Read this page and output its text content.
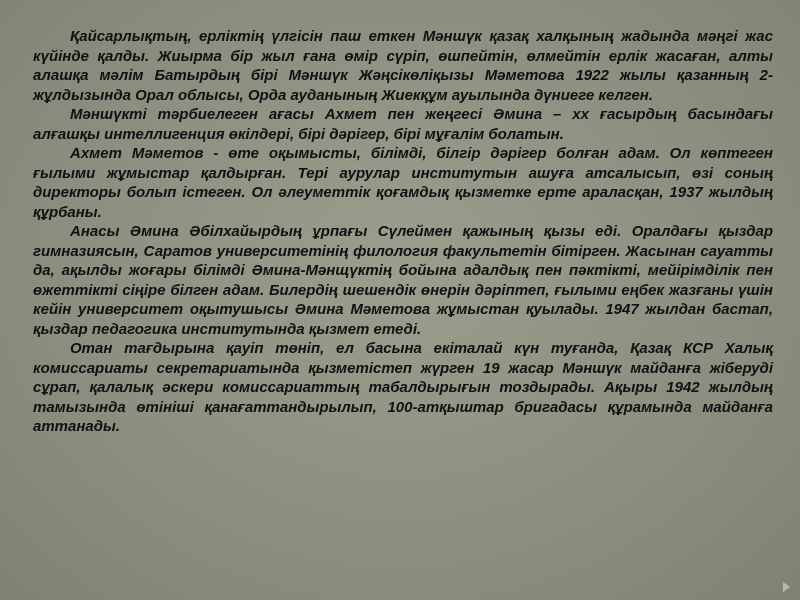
Қайсарлықтың, ерліктің үлгісін паш еткен Мәншүк қазақ халқының жадында мәңгі жас күйінде қалды. Жиырма бір жыл ғана өмір сүріп, өшпейтін, өлмейтін ерлік жасаған, алты алашқа мәлім Батырдың бірі Мәншүк Жәңсікөліқызы Мәметова 1922 жылы қазанның 2-жұлдызында Орал облысы, Орда ауданының Жиекқұм ауылында дүниеге келген.

Мәншүкті тәрбиелеген ағасы Ахмет пен жеңгесі Әмина – хх ғасырдың басындағы алғашқы интеллигенция өкілдері, бірі дәрігер, бірі мұғалім болатын.

Ахмет Мәметов - өте оқымысты, білімді, білгір дәрігер болған адам. Ол көптеген ғылыми жұмыстар қалдырған. Тері аурулар институтын ашуға атсалысып, өзі соның директоры болып істеген. Ол әлеуметтік қоғамдық қызметке ерте араласқан, 1937 жылдың құрбаны.

Анасы Әмина Әбілхайырдың ұрпағы Сүлеймен қажының қызы еді. Оралдағы қыздар гимназиясын, Саратов университетінің филология факультетін бітірген. Жасынан сауатты да, ақылды жоғары білімді Әмина-Мәнщүктің бойына адалдық пен пәктікті, мейірімділік пен өжеттікті сіңіре білген адам. Билердің шешендік өнерін дәріптеп, ғылыми еңбек жазғаны үшін кейін университет оқытушысы Әмина Мәметова жұмыстан қуылады. 1947 жылдан бастап, қыздар педагогика институтында қызмет етеді.

Отан тағдырына қауіп төніп, ел басына екіталай күн туғанда, Қазақ КСР Халық комиссариаты секретариатында қызметістеп жүрген 19 жасар Мәншүк майданға жіберуді сұрап, қалалық әскери комиссариаттың табалдырығын тоздырады. Ақыры 1942 жылдың тамызында өтініші қанағаттандырылып, 100-атқыштар бригадасы құрамында майданға аттанады.
